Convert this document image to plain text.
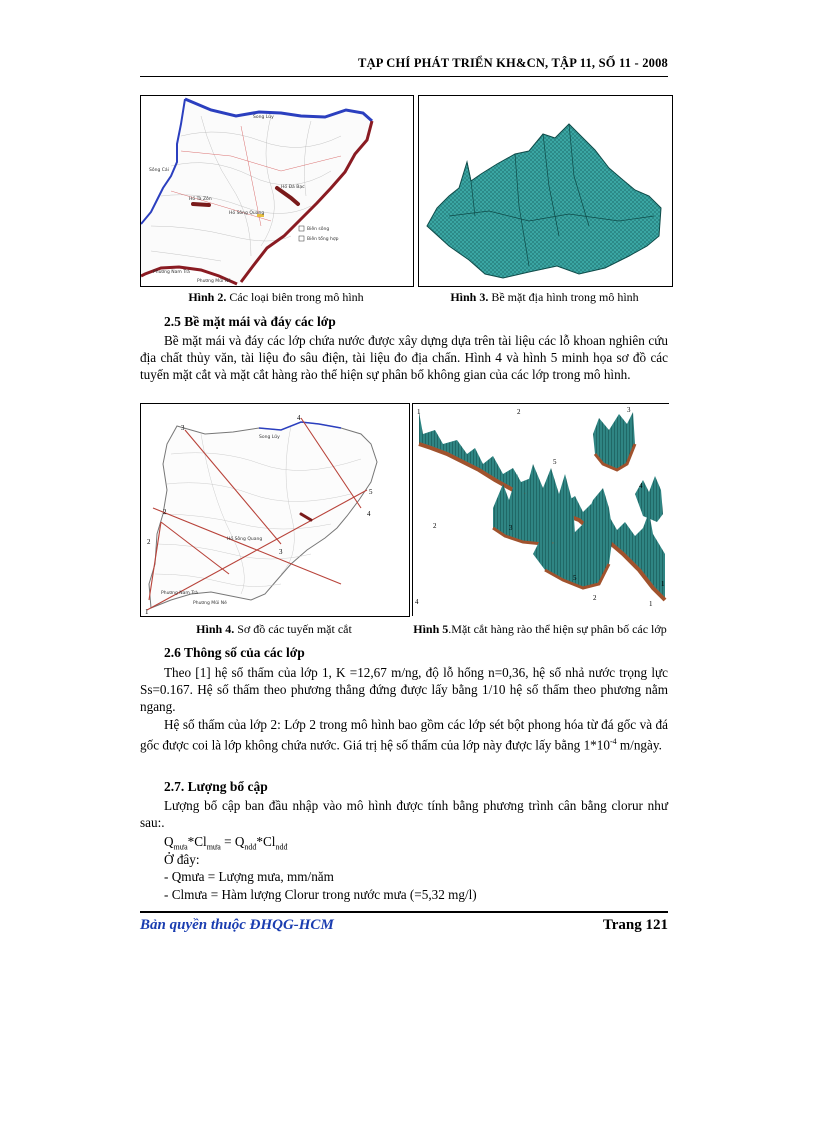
TẠP CHÍ PHÁT TRIỂN KH&CN, TẬP 11, SỐ 11 - 2008
Song Lũy
Sông Cái
Hồ Tà Zôn
Hồ Đá Bạc
Hồ Sông Quang
Phương Nam Trà
Phương Mũi Né
Biên sông
Biên tổng hợp
Hình 2. Các loại biên trong mô hình	Hình 3. Bề mặt địa hình trong mô hình
2.5 Bề mặt mái và đáy các lớp
Bề mặt mái và đáy các lớp chứa nước được xây dựng dựa trên tài liệu các lỗ khoan nghiên cứu địa chất thủy văn, tài liệu đo sâu điện, tài liệu đo địa chấn. Hình 4 và hình 5 minh họa sơ đồ các tuyến mặt cắt và mặt cắt hàng rào thể hiện sự phân bố không gian của các lớp trong mô hình.
3
4
2	4
3
1
5
2
Song Lũy
Hồ Sông Quang
Phương Nam Trà
Phương Mũi Né
1	2	3
4
5
1
2	3
4
5
2
1
Hình 4. Sơ đồ các tuyến mặt cắt	Hình 5.Mặt cắt hàng rào thể hiện sự phân bố các lớp
2.6 Thông số của các lớp
Theo [1] hệ số thấm của lớp 1, K =12,67 m/ng, độ lỗ hổng n=0,36, hệ số nhả nước trọng lực Ss=0.167. Hệ số thấm theo phương thẳng đứng được lấy bằng 1/10 hệ số thấm theo phương nằm ngang.
Hệ số thấm của lớp 2: Lớp 2 trong mô hình bao gồm các lớp sét bột phong hóa từ đá gốc và đá gốc được coi là lớp không chứa nước. Giá trị hệ số thấm của lớp này được lấy bằng $1*10^{-4}$ m/ngày.
2.7. Lượng bổ cập
Lượng bổ cập ban đầu nhập vào mô hình được tính bằng phương trình cân bằng clorur như sau:.
$Q_{mưa}*Cl_{mưa} = Q_{ndđ}*Cl_{ndđ}$
Ở đây:
- Qmưa = Lượng mưa, mm/năm
- Clmưa = Hàm lượng Clorur trong nước mưa (=5,32 mg/l)
Bản quyền thuộc ĐHQG-HCM	Trang 121
